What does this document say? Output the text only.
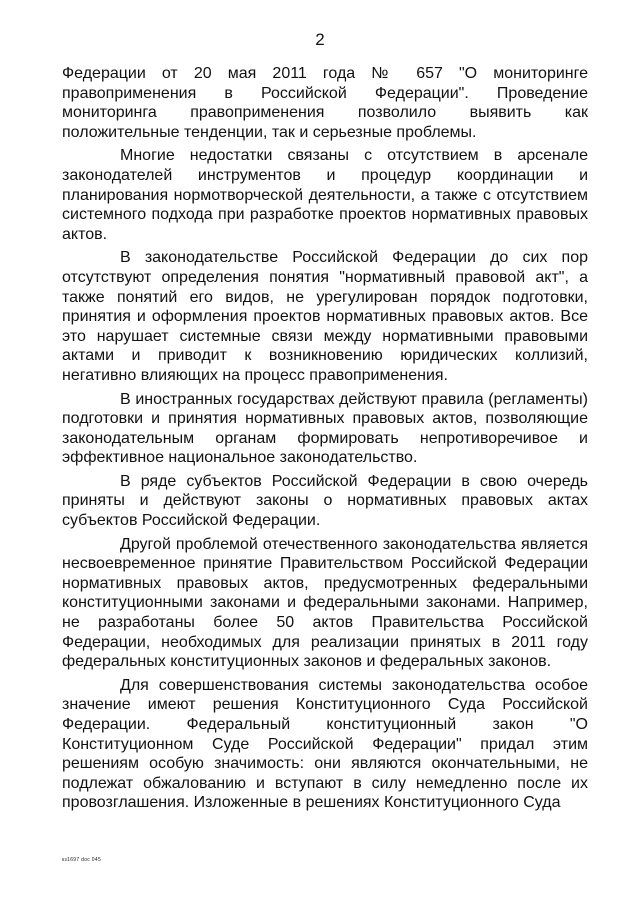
2

Федерации от 20 мая 2011 года № 657 "О мониторинге правоприменения в Российской Федерации". Проведение мониторинга правоприменения позволило выявить как положительные тенденции, так и серьезные проблемы.

Многие недостатки связаны с отсутствием в арсенале законодателей инструментов и процедур координации и планирования нормотворческой деятельности, а также с отсутствием системного подхода при разработке проектов нормативных правовых актов.

В законодательстве Российской Федерации до сих пор отсутствуют определения понятия "нормативный правовой акт", а также понятий его видов, не урегулирован порядок подготовки, принятия и оформления проектов нормативных правовых актов. Все это нарушает системные связи между нормативными правовыми актами и приводит к возникновению юридических коллизий, негативно влияющих на процесс правоприменения.

В иностранных государствах действуют правила (регламенты) подготовки и принятия нормативных правовых актов, позволяющие законодательным органам формировать непротиворечивое и эффективное национальное законодательство.

В ряде субъектов Российской Федерации в свою очередь приняты и действуют законы о нормативных правовых актах субъектов Российской Федерации.

Другой проблемой отечественного законодательства является несвоевременное принятие Правительством Российской Федерации нормативных правовых актов, предусмотренных федеральными конституционными законами и федеральными законами. Например, не разработаны более 50 актов Правительства Российской Федерации, необходимых для реализации принятых в 2011 году федеральных конституционных законов и федеральных законов.

Для совершенствования системы законодательства особое значение имеют решения Конституционного Суда Российской Федерации. Федеральный конституционный закон "О Конституционном Суде Российской Федерации" придал этим решениям особую значимость: они являются окончательными, не подлежат обжалованию и вступают в силу немедленно после их провозглашения. Изложенные в решениях Конституционного Суда

кз1697 doc 045
